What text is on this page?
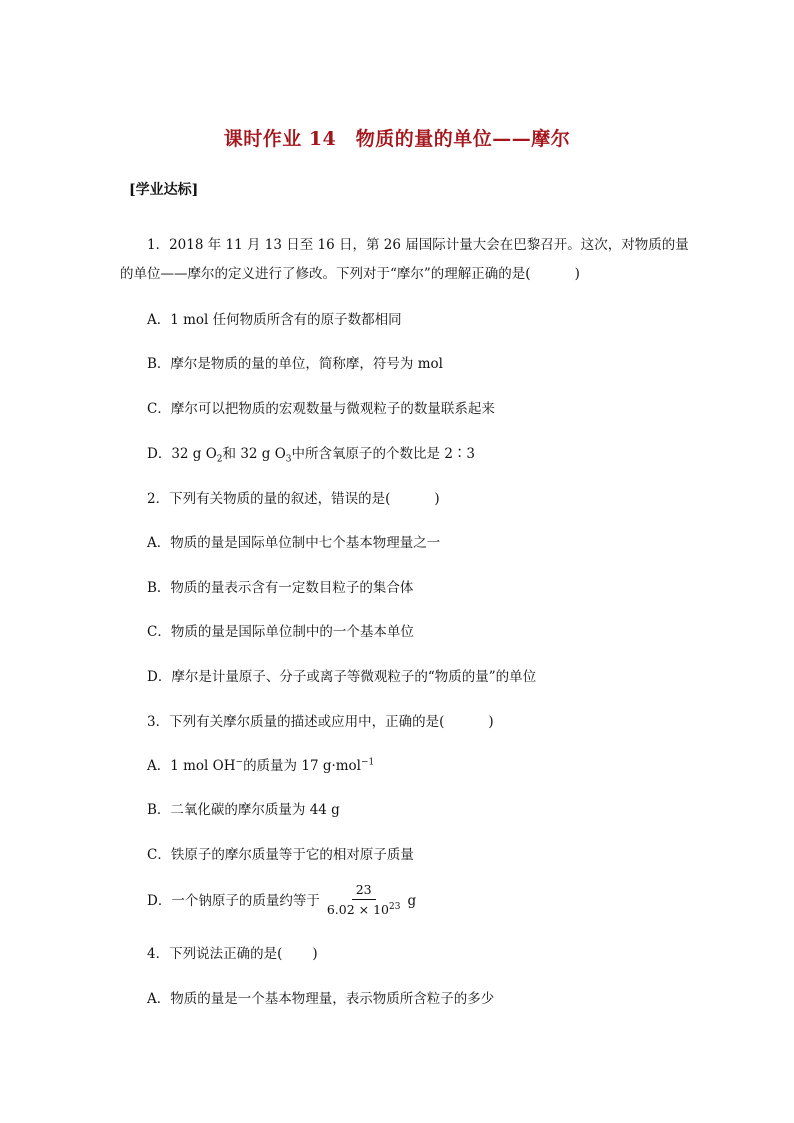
课时作业 14　物质的量的单位——摩尔
[学业达标]
1．2018 年 11 月 13 日至 16 日，第 26 届国际计量大会在巴黎召开。这次，对物质的量
的单位——摩尔的定义进行了修改。下列对于“摩尔”的理解正确的是(	)
A．1 mol 任何物质所含有的原子数都相同
B．摩尔是物质的量的单位，简称摩，符号为 mol
C．摩尔可以把物质的宏观数量与微观粒子的数量联系起来
D．32 g $O_2$和 32 g $O_3$中所含氧原子的个数比是 2∶3
2．下列有关物质的量的叙述，错误的是(	)
A．物质的量是国际单位制中七个基本物理量之一
B．物质的量表示含有一定数目粒子的集合体
C．物质的量是国际单位制中的一个基本单位
D．摩尔是计量原子、分子或离子等微观粒子的“物质的量”的单位
3．下列有关摩尔质量的描述或应用中，正确的是(	)
A．1 mol OH−的质量为 17 g·mol$^{-1}$
B．二氧化碳的摩尔质量为 44 g
C．铁原子的摩尔质量等于它的相对原子质量
D．一个钠原子的质量约等于 $\frac{23}{6.02 \times 10^{23}}$ g
4．下列说法正确的是( )
A．物质的量是一个基本物理量，表示物质所含粒子的多少
